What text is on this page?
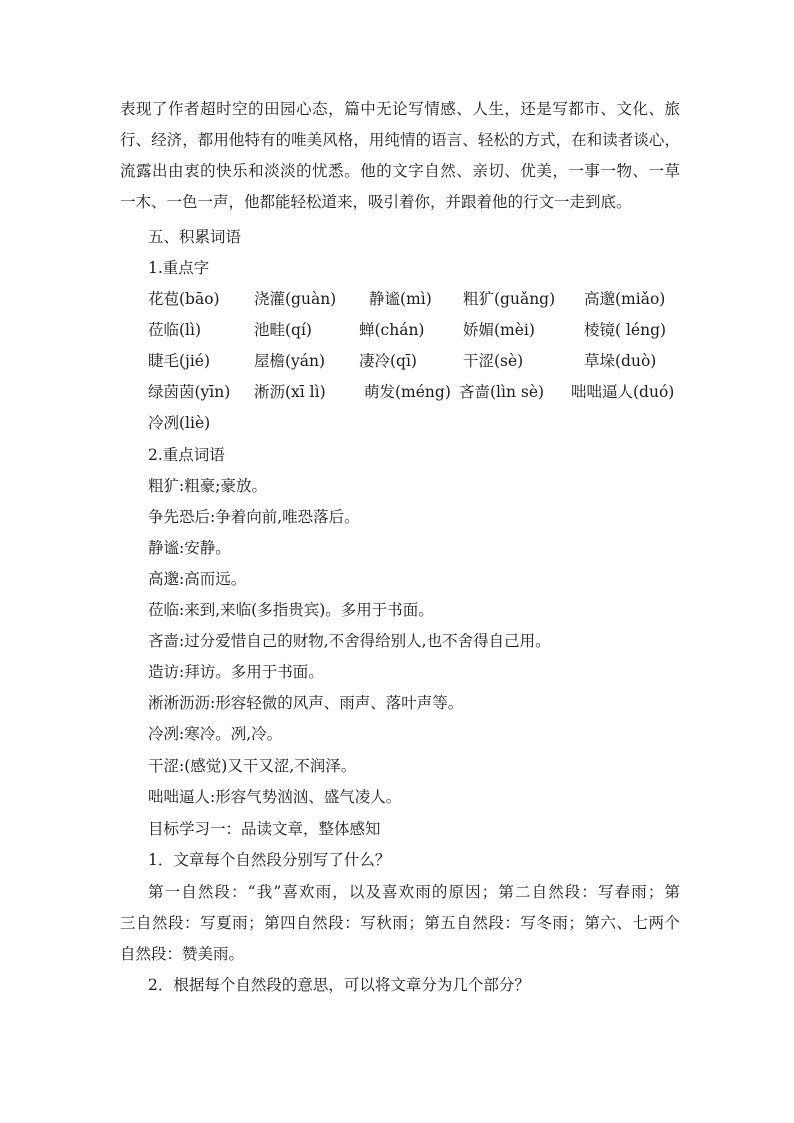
表现了作者超时空的田园心态，篇中无论写情感、人生，还是写都市、文化、旅
行、经济，都用他特有的唯美风格，用纯情的语言、轻松的方式，在和读者谈心，
流露出由衷的快乐和淡淡的忧悉。他的文字自然、亲切、优美，一事一物、一草
一木、一色一声，他都能轻松道来，吸引着你，并跟着他的行文一走到底。
五、积累词语
1.重点字
花苞(bāo) 浇灌(guàn) 静谧(mì) 粗犷(guǎng) 高邈(miǎo)
莅临(lì)	池畦(qí)	蝉(chán) 娇媚(mèi)	棱镜( léng)
睫毛(jié)	屋檐(yán) 凄冷(qī)	干涩(sè)	草垛(duò)
绿茵茵(yīn) 淅沥(xī lì) 萌发(méng) 吝啬(lìn sè) 咄咄逼人(duó)
冷冽(liè)
2.重点词语
粗犷:粗豪;豪放。
争先恐后:争着向前,唯恐落后。
静谧:安静。
高邈:高而远。
莅临:来到,来临(多指贵宾)。多用于书面。
吝啬:过分爱惜自己的财物,不舍得给别人,也不舍得自己用。
造访:拜访。多用于书面。
淅淅沥沥:形容轻微的风声、雨声、落叶声等。
冷冽:寒冷。冽,冷。
干涩:(感觉)又干又涩,不润泽。
咄咄逼人:形容气势汹汹、盛气凌人。
目标学习一：品读文章，整体感知
1．文章每个自然段分别写了什么？
第一自然段：“我”喜欢雨，以及喜欢雨的原因；第二自然段：写春雨；第
三自然段：写夏雨；第四自然段：写秋雨；第五自然段：写冬雨；第六、七两个
自然段：赞美雨。
2．根据每个自然段的意思，可以将文章分为几个部分？
